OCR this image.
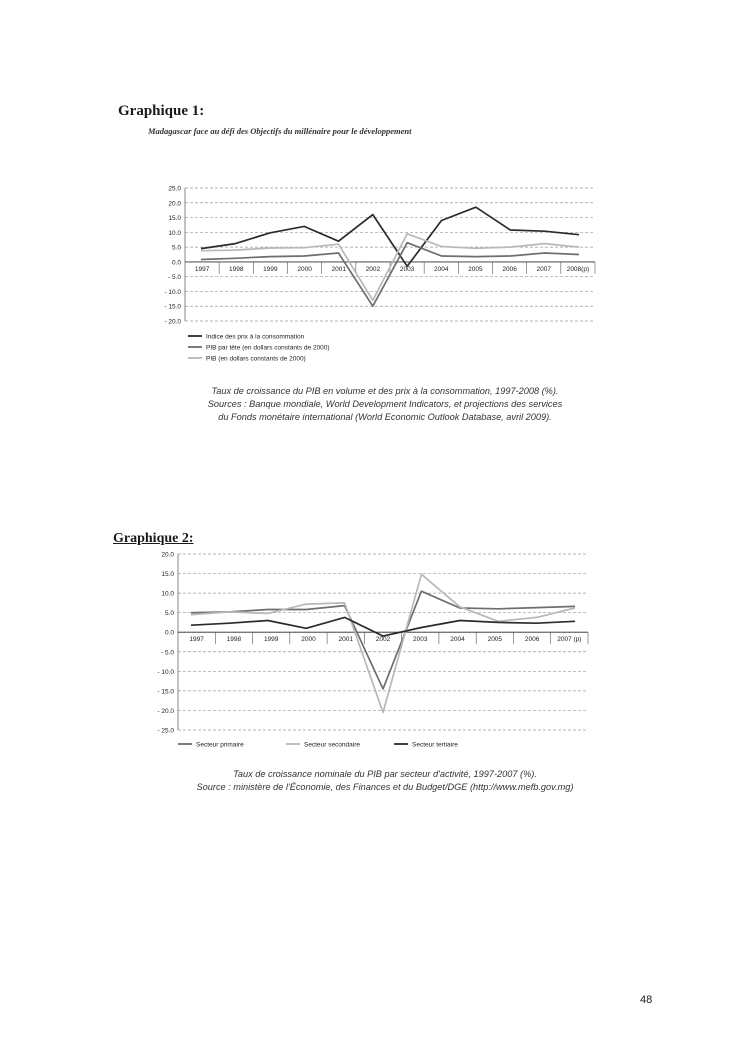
Graphique 1:
Madagascar face au défi des Objectifs du millénaire pour le développement
25.0
20.0
15.0
10.0
5.0
0.0
- 5.0
- 10.0
- 15.0
- 20.0
1997	1998	1999	2000	2001	2002	2003	2004	2005	2006	2007 2008(p)
Indice des prix à la consommation
PIB par tête (en dollars constants de 2000)
PIB (en dollars constants de 2000)
Taux de croissance du PIB en volume et des prix à la consommation, 1997-2008 (%).
Sources : Banque mondiale, World Development Indicators, et projections des services
du Fonds monétaire international (World Economic Outlook Database, avril 2009).
Graphique 2:
20.0
15.0
10.0
5.0
0.0
- 5.0
- 10.0
- 15.0
- 20.0
- 25.0
1997	1998	1999	2000	2001	2002	2003	2004	2005	2006	2007 (p)
Secteur primaire	Secteur secondaire	Secteur tertiaire
Taux de croissance nominale du PIB par secteur d'activité, 1997-2007 (%).
Source : ministère de l'Économie, des Finances et du Budget/DGE (http://www.mefb.gov.mg)
48
